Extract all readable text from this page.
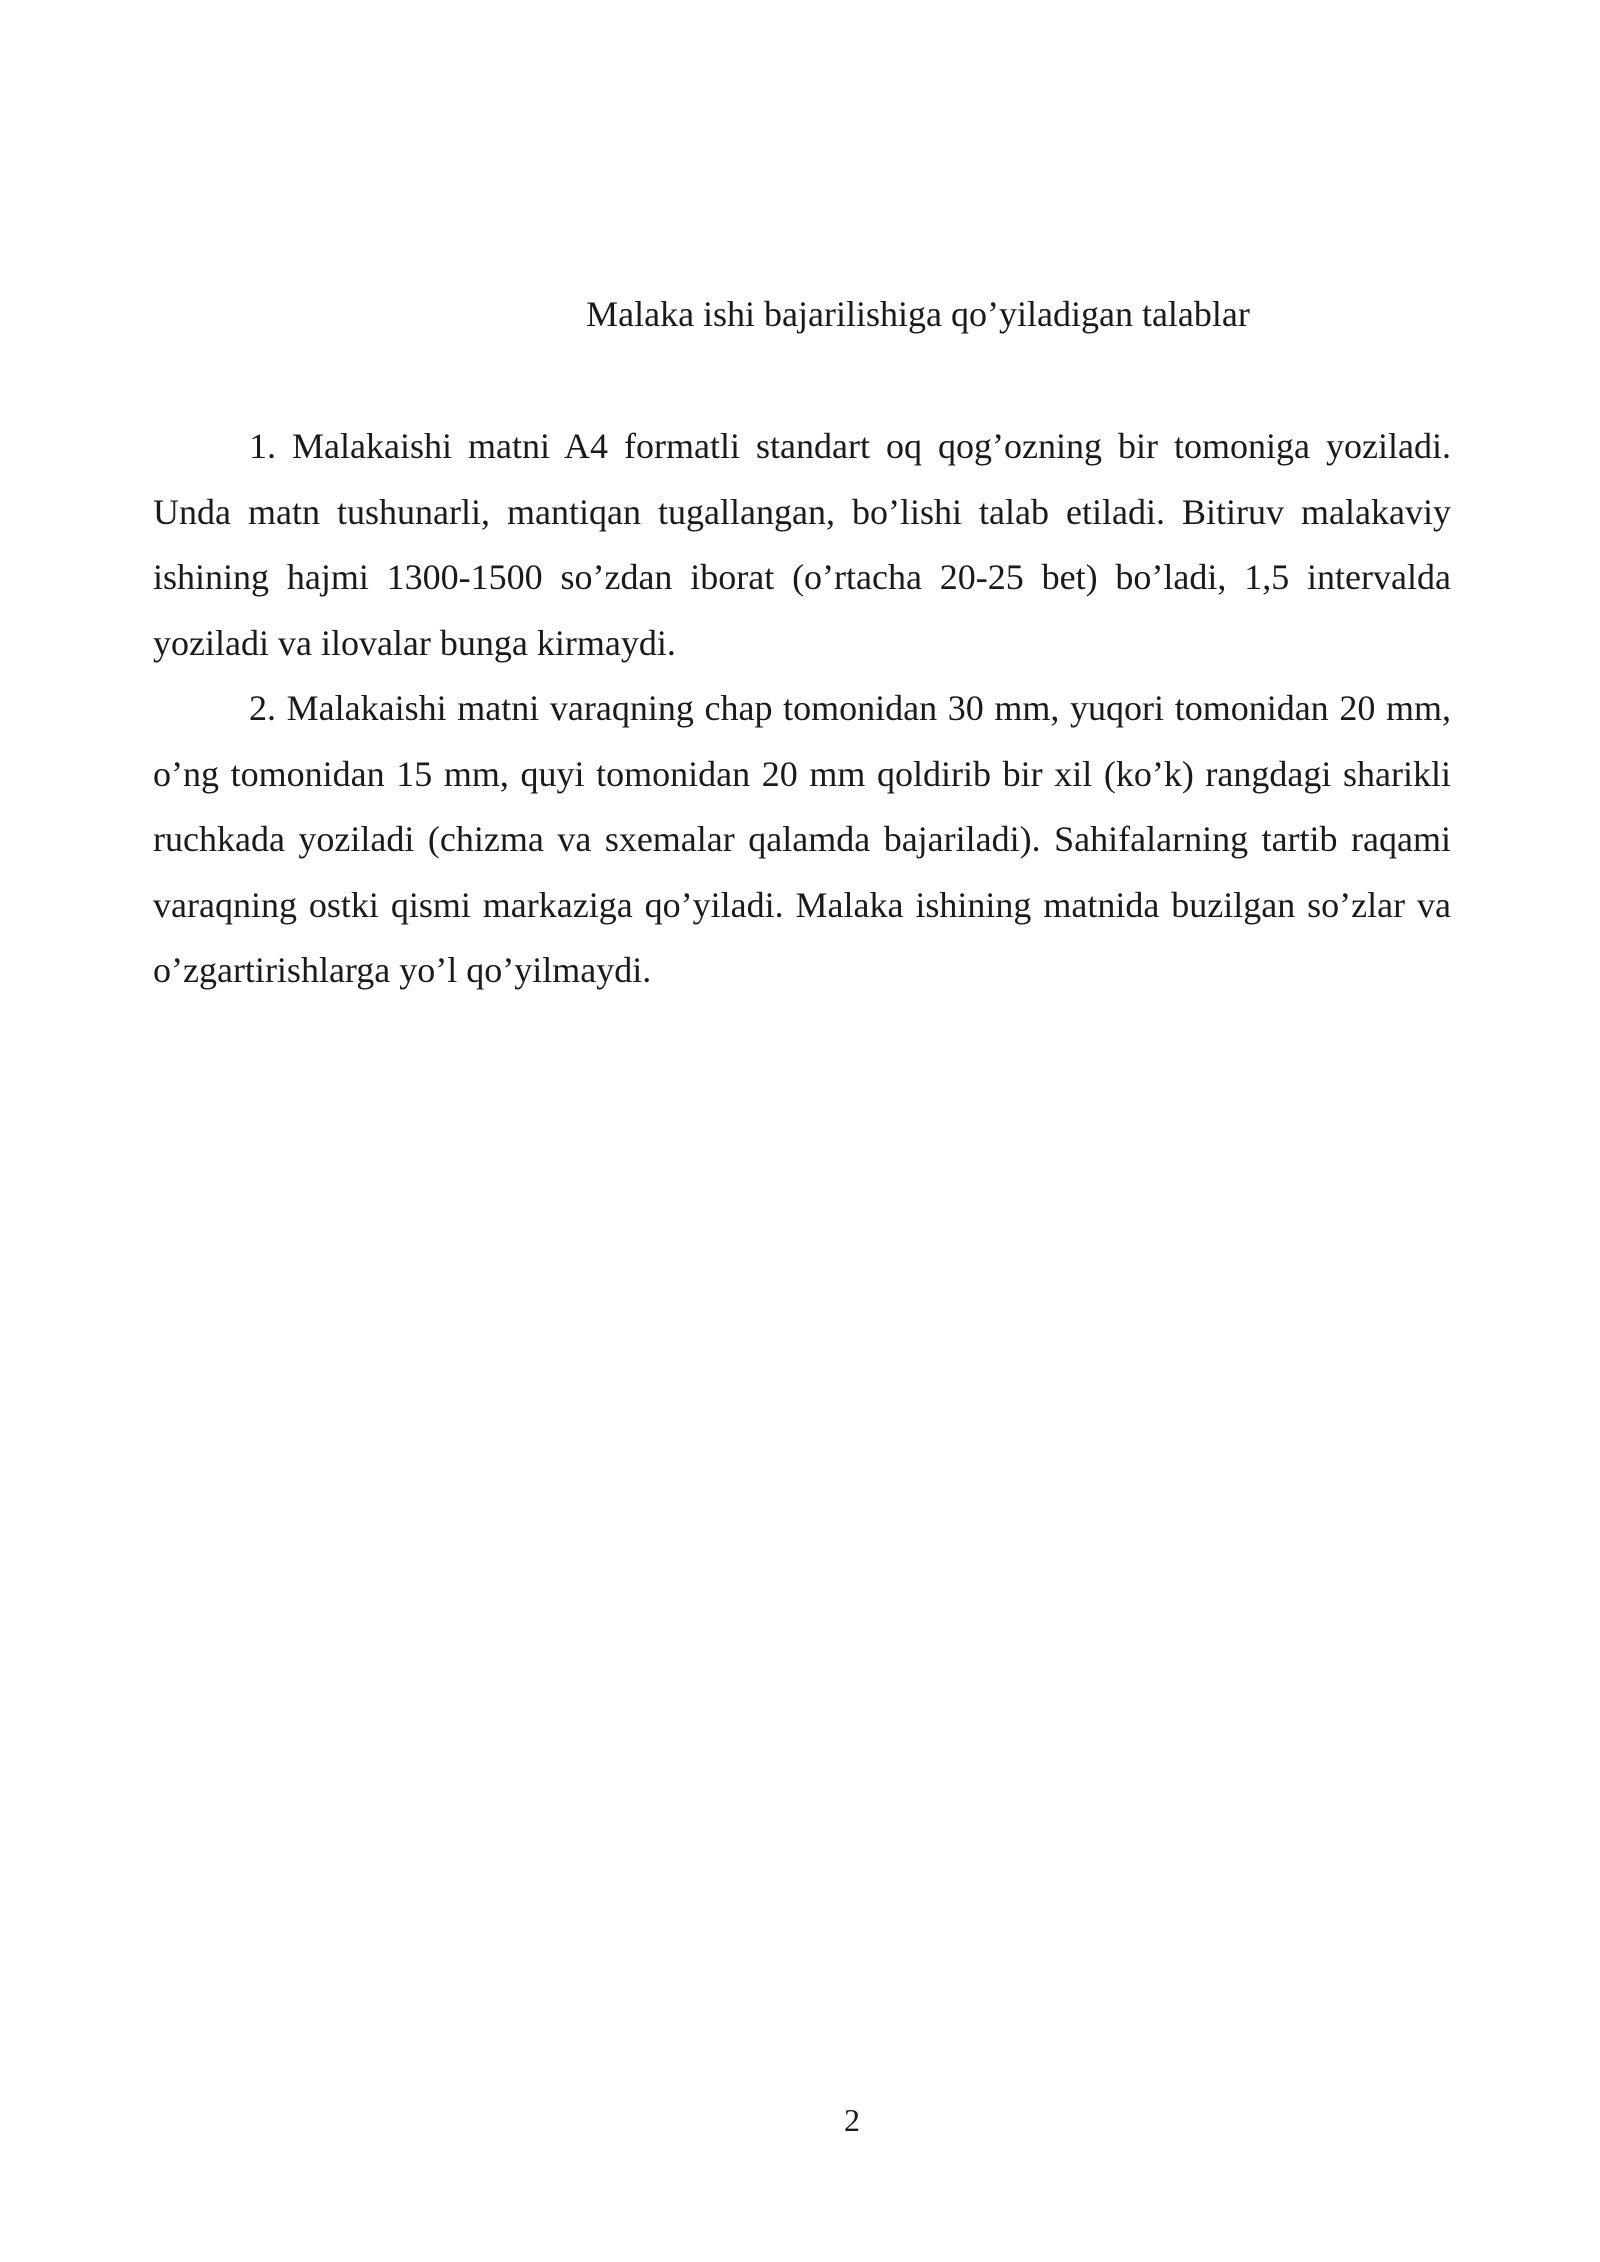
Malaka ishi bajarilishiga qo’yiladigan talablar

1. Malakaishi matni A4 formatli standart oq qog’ozning bir tomoniga yoziladi. Unda matn tushunarli, mantiqan tugallangan, bo’lishi talab etiladi. Bitiruv malakaviy ishining hajmi 1300-1500 so’zdan iborat (o’rtacha 20-25 bet) bo’ladi, 1,5 intervalda yoziladi va ilovalar bunga kirmaydi.

2. Malakaishi matni varaqning chap tomonidan 30 mm, yuqori tomonidan 20 mm, o’ng tomonidan 15 mm, quyi tomonidan 20 mm qoldirib bir xil (ko’k) rangdagi sharikli ruchkada yoziladi (chizma va sxemalar qalamda bajariladi). Sahifalarning tartib raqami varaqning ostki qismi markaziga qo’yiladi. Malaka ishining matnida buzilgan so’zlar va o’zgartirishlarga yo’l qo’yilmaydi.

2
